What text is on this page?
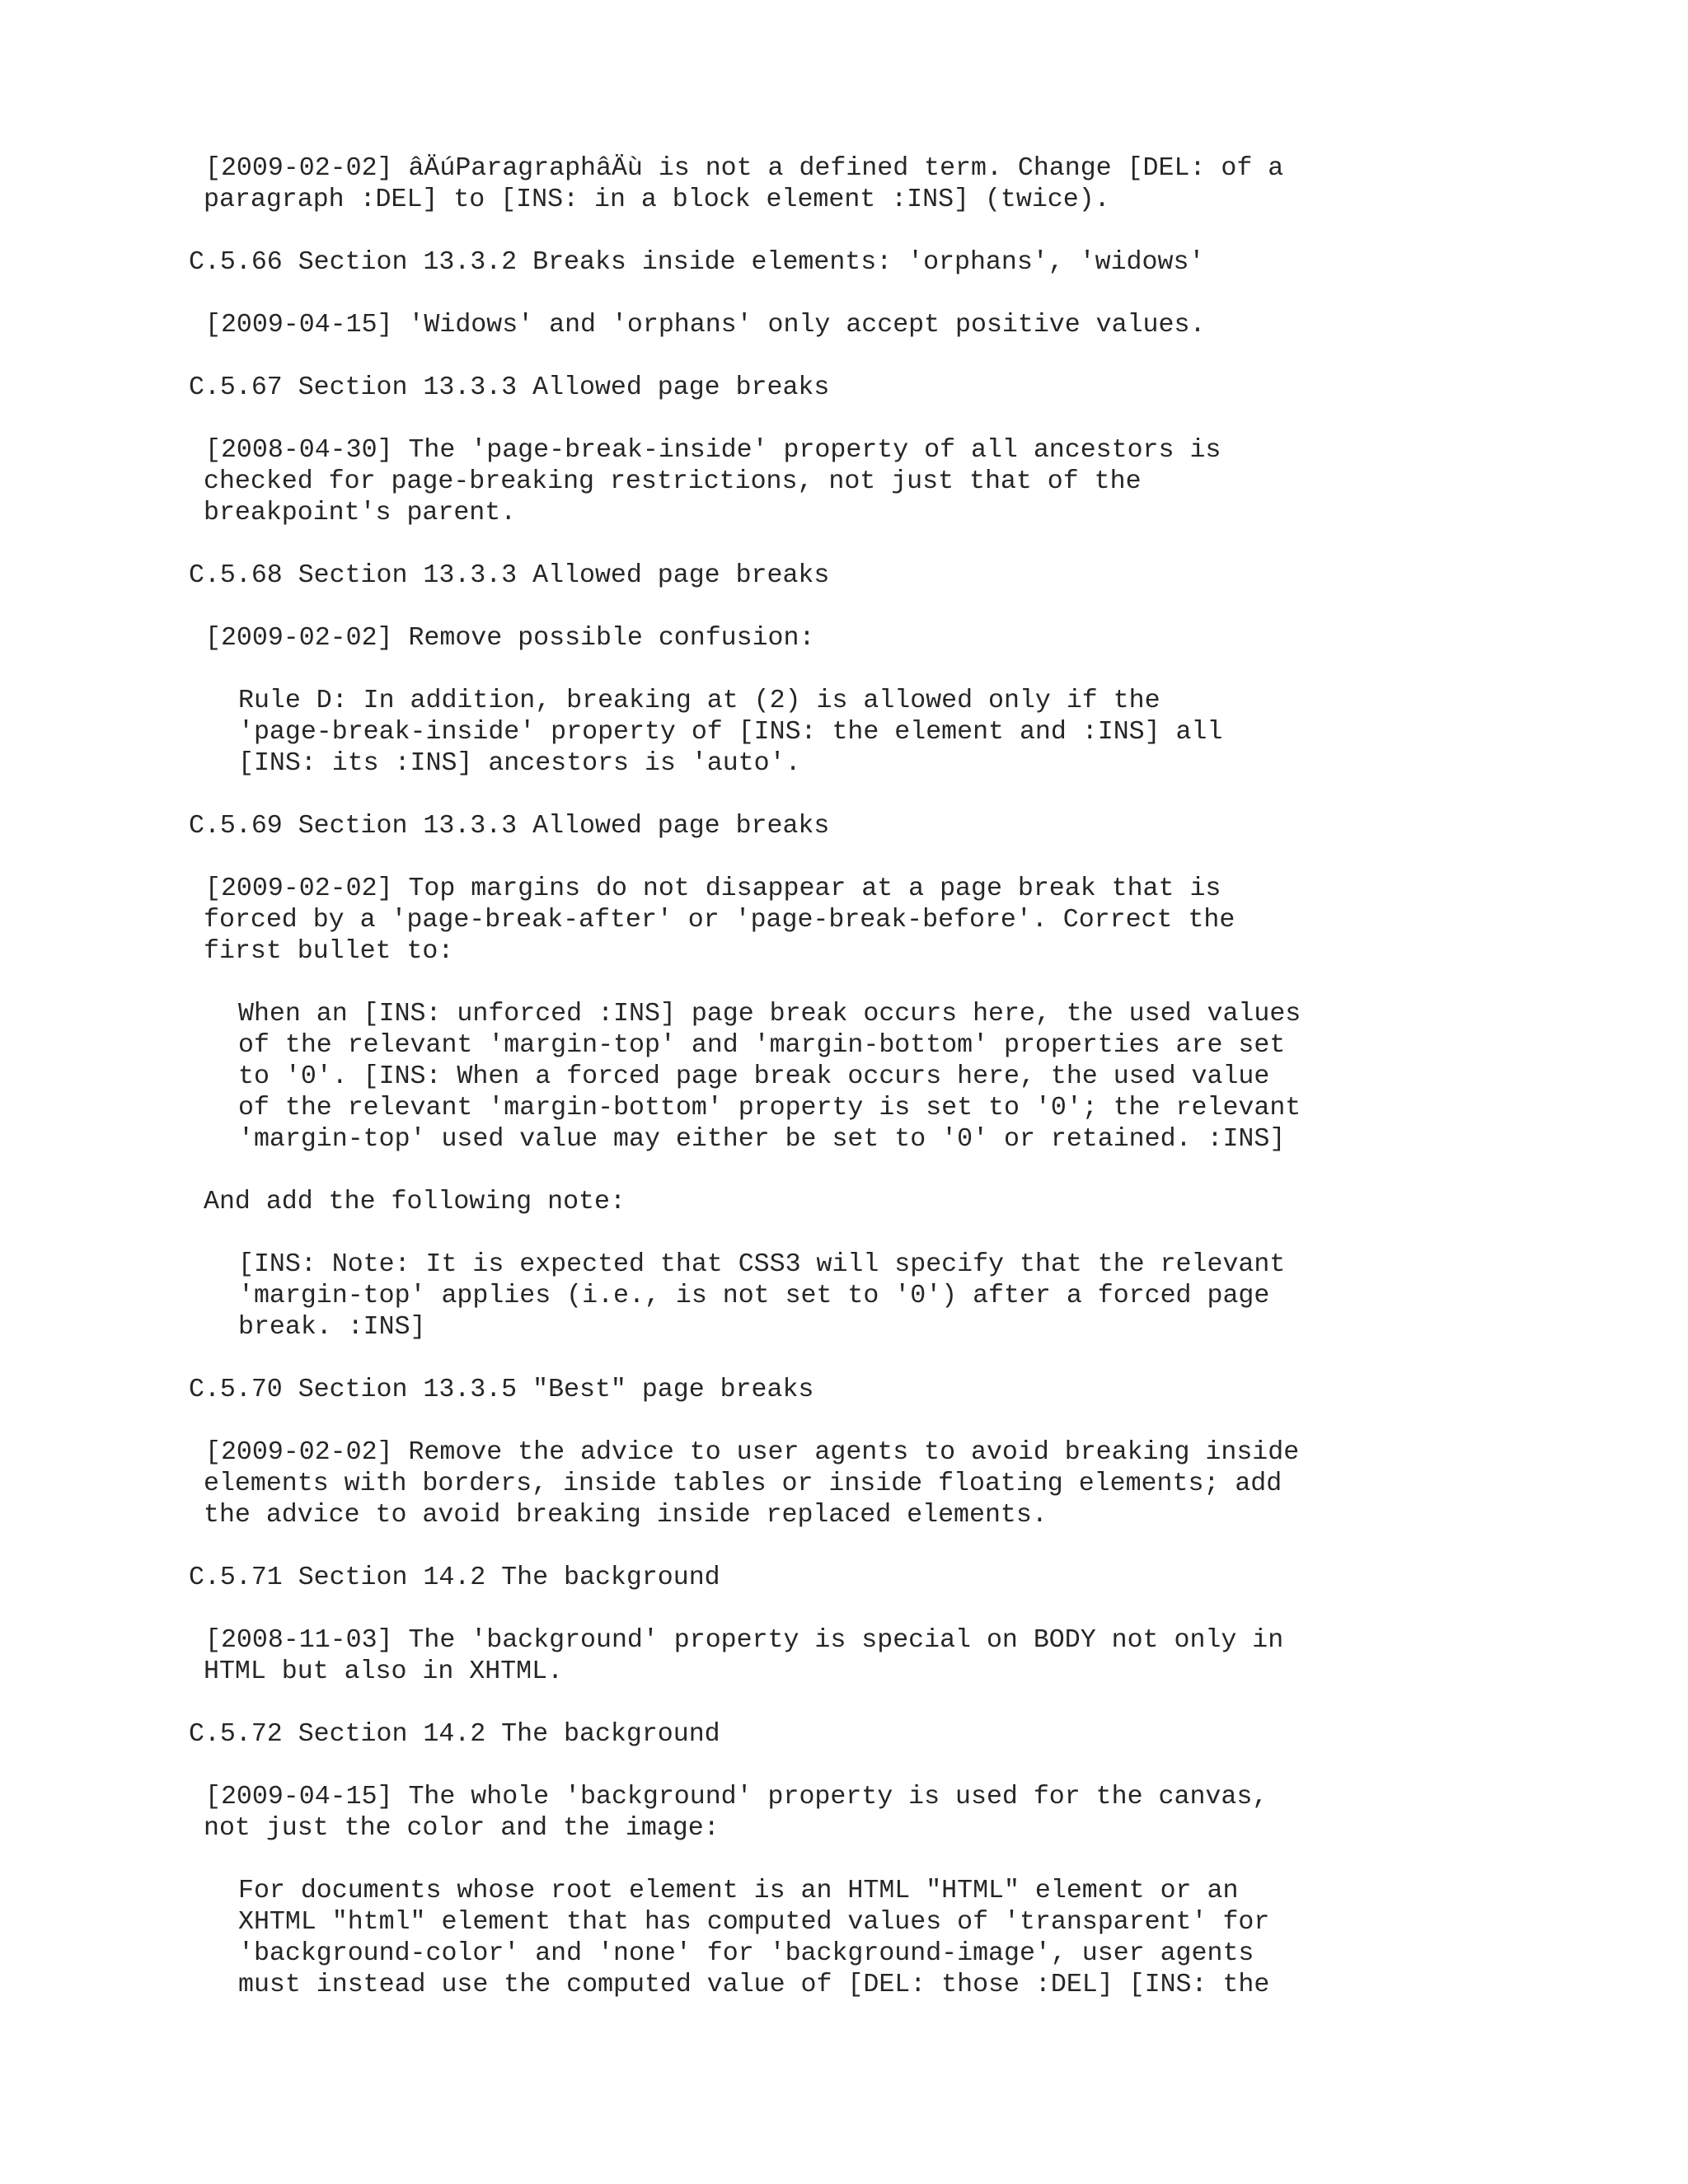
[2009-02-02] âÄúParagraphâÄù is not a defined term. Change [DEL: of a
paragraph :DEL] to [INS: in a block element :INS] (twice).
C.5.66 Section 13.3.2 Breaks inside elements: 'orphans', 'widows'
[2009-04-15] 'Widows' and 'orphans' only accept positive values.
C.5.67 Section 13.3.3 Allowed page breaks
[2008-04-30] The 'page-break-inside' property of all ancestors is
checked for page-breaking restrictions, not just that of the
breakpoint's parent.
C.5.68 Section 13.3.3 Allowed page breaks
[2009-02-02] Remove possible confusion:
Rule D: In addition, breaking at (2) is allowed only if the
'page-break-inside' property of [INS: the element and :INS] all
[INS: its :INS] ancestors is 'auto'.
C.5.69 Section 13.3.3 Allowed page breaks
[2009-02-02] Top margins do not disappear at a page break that is
forced by a 'page-break-after' or 'page-break-before'. Correct the
first bullet to:
When an [INS: unforced :INS] page break occurs here, the used values
of the relevant 'margin-top' and 'margin-bottom' properties are set
to '0'. [INS: When a forced page break occurs here, the used value
of the relevant 'margin-bottom' property is set to '0'; the relevant
'margin-top' used value may either be set to '0' or retained. :INS]
And add the following note:
[INS: Note: It is expected that CSS3 will specify that the relevant
'margin-top' applies (i.e., is not set to '0') after a forced page
break. :INS]
C.5.70 Section 13.3.5 "Best" page breaks
[2009-02-02] Remove the advice to user agents to avoid breaking inside
elements with borders, inside tables or inside floating elements; add
the advice to avoid breaking inside replaced elements.
C.5.71 Section 14.2 The background
[2008-11-03] The 'background' property is special on BODY not only in
HTML but also in XHTML.
C.5.72 Section 14.2 The background
[2009-04-15] The whole 'background' property is used for the canvas,
not just the color and the image:
For documents whose root element is an HTML "HTML" element or an
XHTML "html" element that has computed values of 'transparent' for
'background-color' and 'none' for 'background-image', user agents
must instead use the computed value of [DEL: those :DEL] [INS: the
